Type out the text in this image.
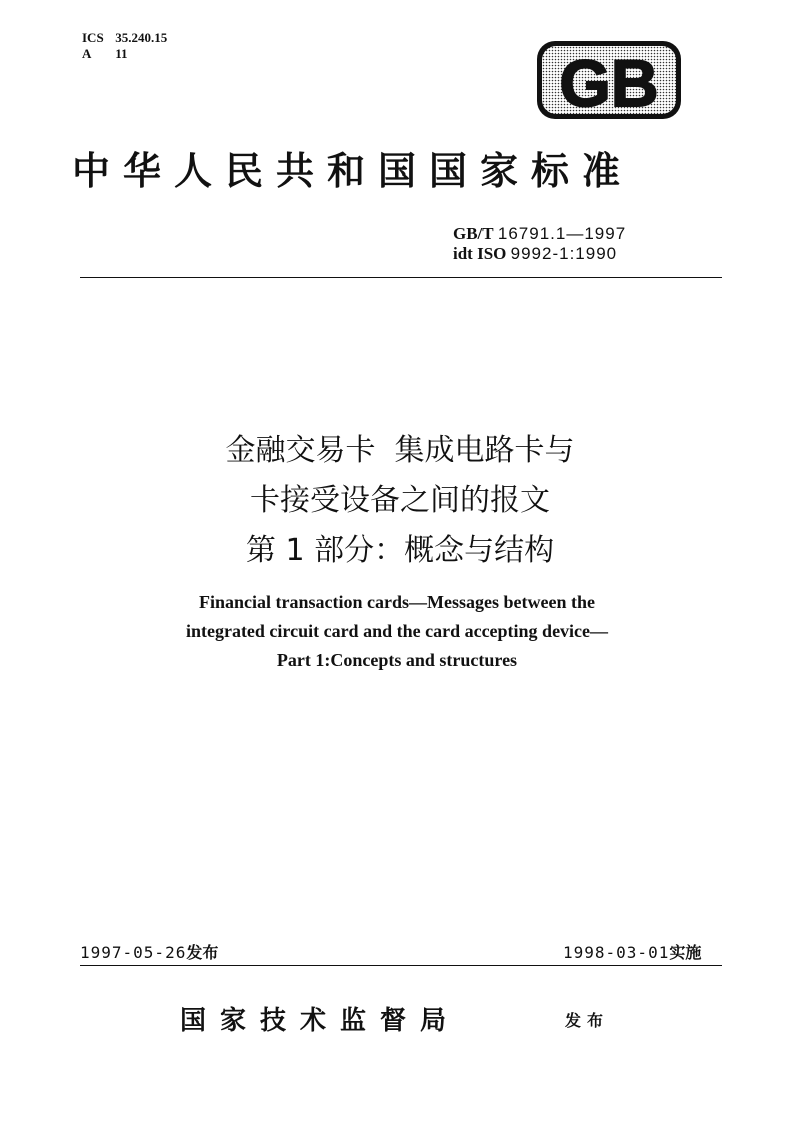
ICS 35.240.15
A 11	GB
中华人民共和国国家标准
GB/T 16791.1—1997
idt ISO 9992-1:1990
金融交易卡  集成电路卡与
卡接受设备之间的报文
第 1 部分：概念与结构
Financial transaction cards—Messages between the
integrated circuit card and the card accepting device—
Part 1:Concepts and structures
1997-05-26发布	1998-03-01实施
国家技术监督局	发布
